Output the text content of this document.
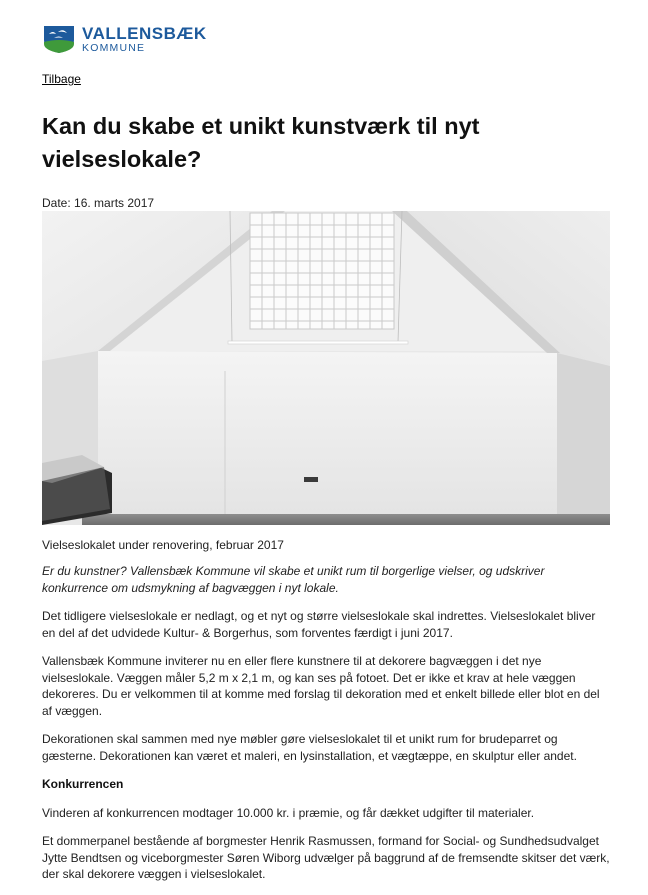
VALLENSBÆK
KOMMUNE
Tilbage
Kan du skabe et unikt kunstværk til nyt vielseslokale?
Date: 16. marts 2017
Vielseslokalet under renovering, februar 2017

Er du kunstner? Vallensbæk Kommune vil skabe et unikt rum til borgerlige vielser, og udskriver konkurrence om udsmykning af bagvæggen i nyt lokale.

Det tidligere vielseslokale er nedlagt, og et nyt og større vielseslokale skal indrettes. Vielseslokalet bliver en del af det udvidede Kultur- & Borgerhus, som forventes færdigt i juni 2017.

Vallensbæk Kommune inviterer nu en eller flere kunstnere til at dekorere bagvæggen i det nye vielseslokale. Væggen måler 5,2 m x 2,1 m, og kan ses på fotoet. Det er ikke et krav at hele væggen dekoreres. Du er velkommen til at komme med forslag til dekoration med et enkelt billede eller blot en del af væggen.

Dekorationen skal sammen med nye møbler gøre vielseslokalet til et unikt rum for brudeparret og gæsterne. Dekorationen kan været et maleri, en lysinstallation, et vægtæppe, en skulptur eller andet.

Konkurrencen

Vinderen af konkurrencen modtager 10.000 kr. i præmie, og får dækket udgifter til materialer.

Et dommerpanel bestående af borgmester Henrik Rasmussen, formand for Social- og Sundhedsudvalget Jytte Bendtsen og viceborgmester Søren Wiborg udvælger på baggrund af de fremsendte skitser det værk, der skal dekorere væggen i vielseslokalet.
